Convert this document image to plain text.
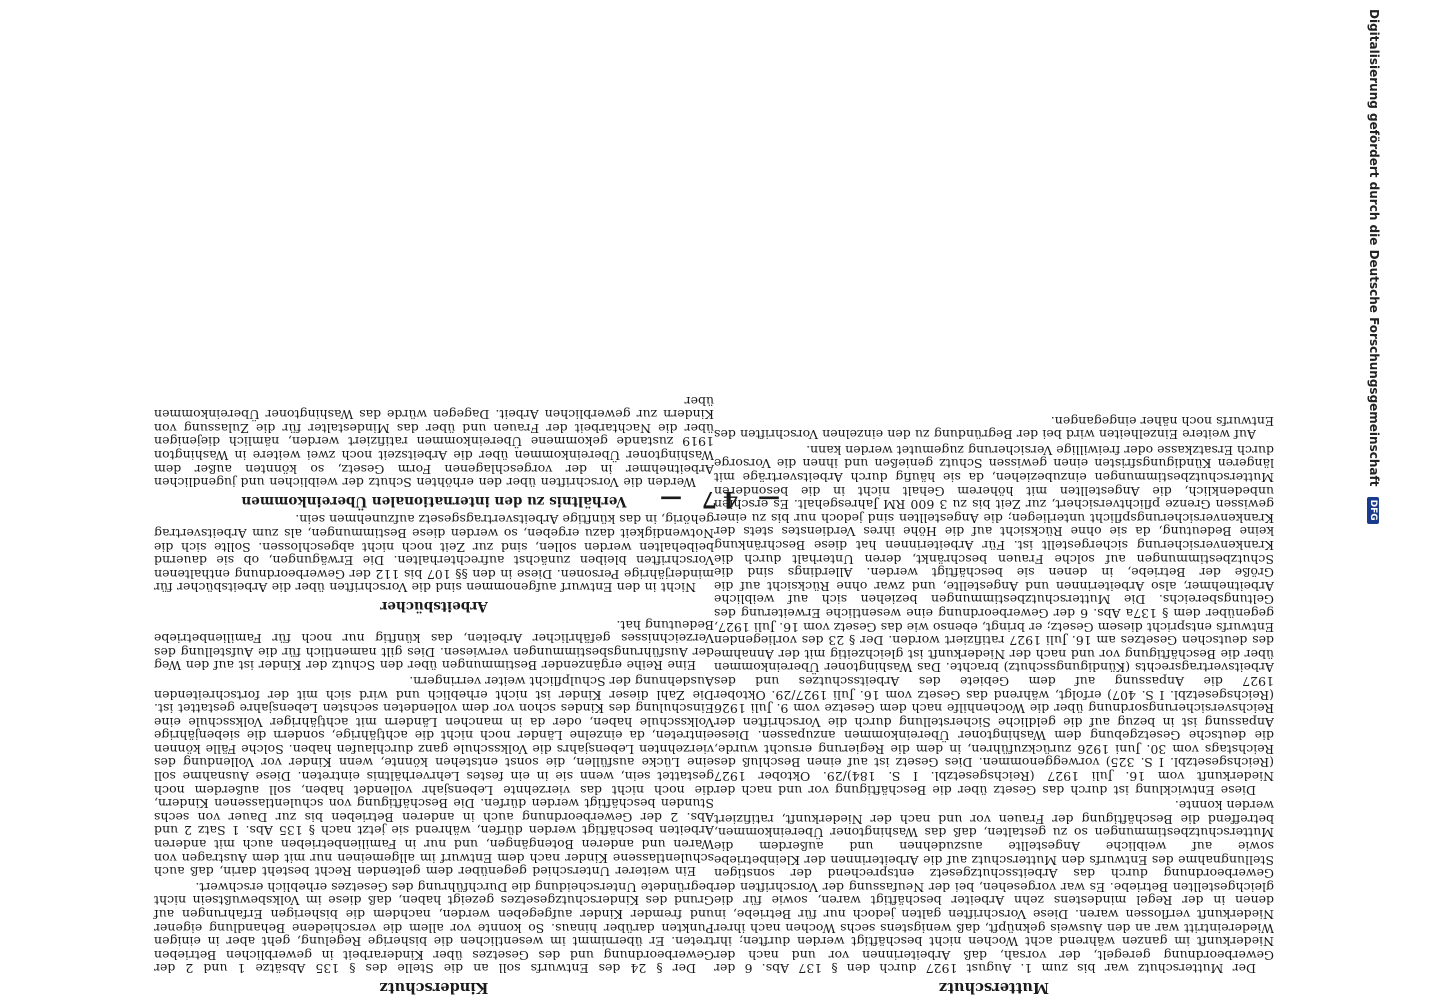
— 47 —
Mutterschutz

Der Mutterschutz war bis zum 1. August 1927 durch den § 137 Abs. 6 der Gewerbeordnung geregelt, der vorsah, daß Arbeiterinnen vor und nach der Niederkunft im ganzen während acht Wochen nicht beschäftigt werden durften; ihr Wiedereintritt war an den Ausweis geknüpft, daß wenigstens sechs Wochen nach ihrer Niederkunft verflossen waren. Diese Vorschriften galten jedoch nur für Betriebe, in denen in der Regel mindestens zehn Arbeiter beschäftigt waren, sowie für die gleichgestellten Betriebe. Es war vorgesehen, bei der Neufassung der Vorschriften der Gewerbeordnung durch das Arbeitsschutzgesetz entsprechend der sonstigen Stellungnahme des Entwurfs den Mutterschutz auf die Arbeiterinnen der Kleinbetriebe sowie auf weibliche Angestellte auszudehnen und außerdem die Mutterschutzbestimmungen so zu gestalten, daß das Washingtoner Übereinkommen, betreffend die Beschäftigung der Frauen vor und nach der Niederkunft, ratifiziert werden konnte.

Diese Entwicklung ist durch das Gesetz über die Beschäftigung vor und nach der Niederkunft vom 16. Juli 1927 (Reichsgesetzbl. I S. 184)/29. Oktober 1927 (Reichsgesetzbl. I S. 325) vorweggenommen. Dies Gesetz ist auf einen Beschluß des Reichstags vom 30. Juni 1926 zurückzuführen, in dem die Regierung ersucht wurde, die deutsche Gesetzgebung dem Washingtoner Übereinkommen anzupassen. Diese Anpassung ist in bezug auf die geldliche Sicherstellung durch die Vorschriften der Reichsversicherungsordnung über die Wochenhilfe nach dem Gesetze vom 9. Juli 1926 (Reichsgesetzbl. I S. 407) erfolgt, während das Gesetz vom 16. Juli 1927/29. Oktober 1927 die Anpassung auf dem Gebiete des Arbeitsschutzes und des Arbeitsvertragsrechts (Kündigungsschutz) brachte. Das Washingtoner Übereinkommen über die Beschäftigung vor und nach der Niederkunft ist gleichzeitig mit der Annahme des deutschen Gesetzes am 16. Juli 1927 ratifiziert worden. Der § 23 des vorliegenden Entwurfs entspricht diesem Gesetz; er bringt, ebenso wie das Gesetz vom 16. Juli 1927, gegenüber dem § 137a Abs. 6 der Gewerbeordnung eine wesentliche Erweiterung des Geltungsbereichs. Die Mutterschutzbestimmungen beziehen sich auf weibliche Arbeitnehmer, also Arbeiterinnen und Angestellte, und zwar ohne Rücksicht auf die Größe der Betriebe, in denen sie beschäftigt werden. Allerdings sind die Schutzbestimmungen auf solche Frauen beschränkt, deren Unterhalt durch die Krankenversicherung sichergestellt ist. Für Arbeiterinnen hat diese Beschränkung keine Bedeutung, da sie ohne Rücksicht auf die Höhe ihres Verdienstes stets der Krankenversicherungspflicht unterliegen; die Angestellten sind jedoch nur bis zu einer gewissen Grenze pflichtversichert, zur Zeit bis zu 3 600 RM Jahresgehalt. Es erschien unbedenklich, die Angestellten mit höherem Gehalt nicht in die besonderen Mutterschutzbestimmungen einzubeziehen, da sie häufig durch Arbeitsverträge mit längeren Kündigungsfristen einen gewissen Schutz genießen und ihnen die Vorsorge durch Ersatzkasse oder freiwillige Versicherung zugemutet werden kann.

Auf weitere Einzelheiten wird bei der Begründung zu den einzelnen Vorschriften des Entwurfs noch näher eingegangen.

Kinderschutz

Der § 24 des Entwurfs soll an die Stelle des § 135 Absätze 1 und 2 der Gewerbeordnung und des Gesetzes über Kinderarbeit in gewerblichen Betrieben treten. Er übernimmt im wesentlichen die bisherige Regelung, geht aber in einigen Punkten darüber hinaus. So konnte vor allem die verschiedene Behandlung eigener und fremder Kinder aufgegeben werden, nachdem die bisherigen Erfahrungen auf Grund des Kinderschutzgesetzes gezeigt haben, daß diese im Volksbewußtsein nicht begründete Unterscheidung die Durchführung des Gesetzes erheblich erschwert.

Ein weiterer Unterschied gegenüber dem geltenden Recht besteht darin, daß auch schulentlassene Kinder nach dem Entwurf im allgemeinen nur mit dem Austragen von Waren und anderen Botengängen, und nur in Familienbetrieben auch mit anderen Arbeiten beschäftigt werden dürfen, während sie jetzt nach § 135 Abs. 1 Satz 2 und Abs. 2 der Gewerbeordnung auch in anderen Betrieben bis zur Dauer von sechs Stunden beschäftigt werden dürfen. Die Beschäftigung von schulentlassenen Kindern, die noch nicht das vierzehnte Lebensjahr vollendet haben, soll außerdem noch gestattet sein, wenn sie in ein festes Lehrverhältnis eintreten. Diese Ausnahme soll eine Lücke ausfüllen, die sonst entstehen könnte, wenn Kinder vor Vollendung des vierzehnten Lebensjahrs die Volksschule ganz durchlaufen haben. Solche Fälle können eintreten, da einzelne Länder noch nicht die achtjährige, sondern die siebenjährige Volksschule haben, oder da in manchen Ländern mit achtjähriger Volksschule eine Einschulung des Kindes schon vor dem vollendeten sechsten Lebensjahre gestattet ist. Die Zahl dieser Kinder ist nicht erheblich und wird sich mit der fortschreitenden Ausdehnung der Schulpflicht weiter verringern.

Eine Reihe ergänzender Bestimmungen über den Schutz der Kinder ist auf den Weg der Ausführungsbestimmungen verwiesen. Dies gilt namentlich für die Aufstellung des Verzeichnisses gefährlicher Arbeiten, das künftig nur noch für Familienbetriebe Bedeutung hat.

Arbeitsbücher

Nicht in den Entwurf aufgenommen sind die Vorschriften über die Arbeitsbücher für minderjährige Personen. Diese in den §§ 107 bis 112 der Gewerbeordnung enthaltenen Vorschriften bleiben zunächst aufrechterhalten. Die Erwägungen, ob sie dauernd beibehalten werden sollen, sind zur Zeit noch nicht abgeschlossen. Sollte sich die Notwendigkeit dazu ergeben, so werden diese Bestimmungen, als zum Arbeitsvertrag gehörig, in das künftige Arbeitsvertragsgesetz aufzunehmen sein.

Verhältnis zu den internationalen Übereinkommen

Werden die Vorschriften über den erhöhten Schutz der weiblichen und jugendlichen Arbeitnehmer in der vorgeschlagenen Form Gesetz, so könnten außer dem Washingtoner Übereinkommen über die Arbeitszeit noch zwei weitere in Washington 1919 zustande gekommene Übereinkommen ratifiziert werden, nämlich diejenigen über die Nachtarbeit der Frauen und über das Mindestalter für die Zulassung von Kindern zur gewerblichen Arbeit. Dagegen würde das Washingtoner Übereinkommen über	Digitalisierung gefördert durch die Deutsche Forschungsgemeinschaft DFG
